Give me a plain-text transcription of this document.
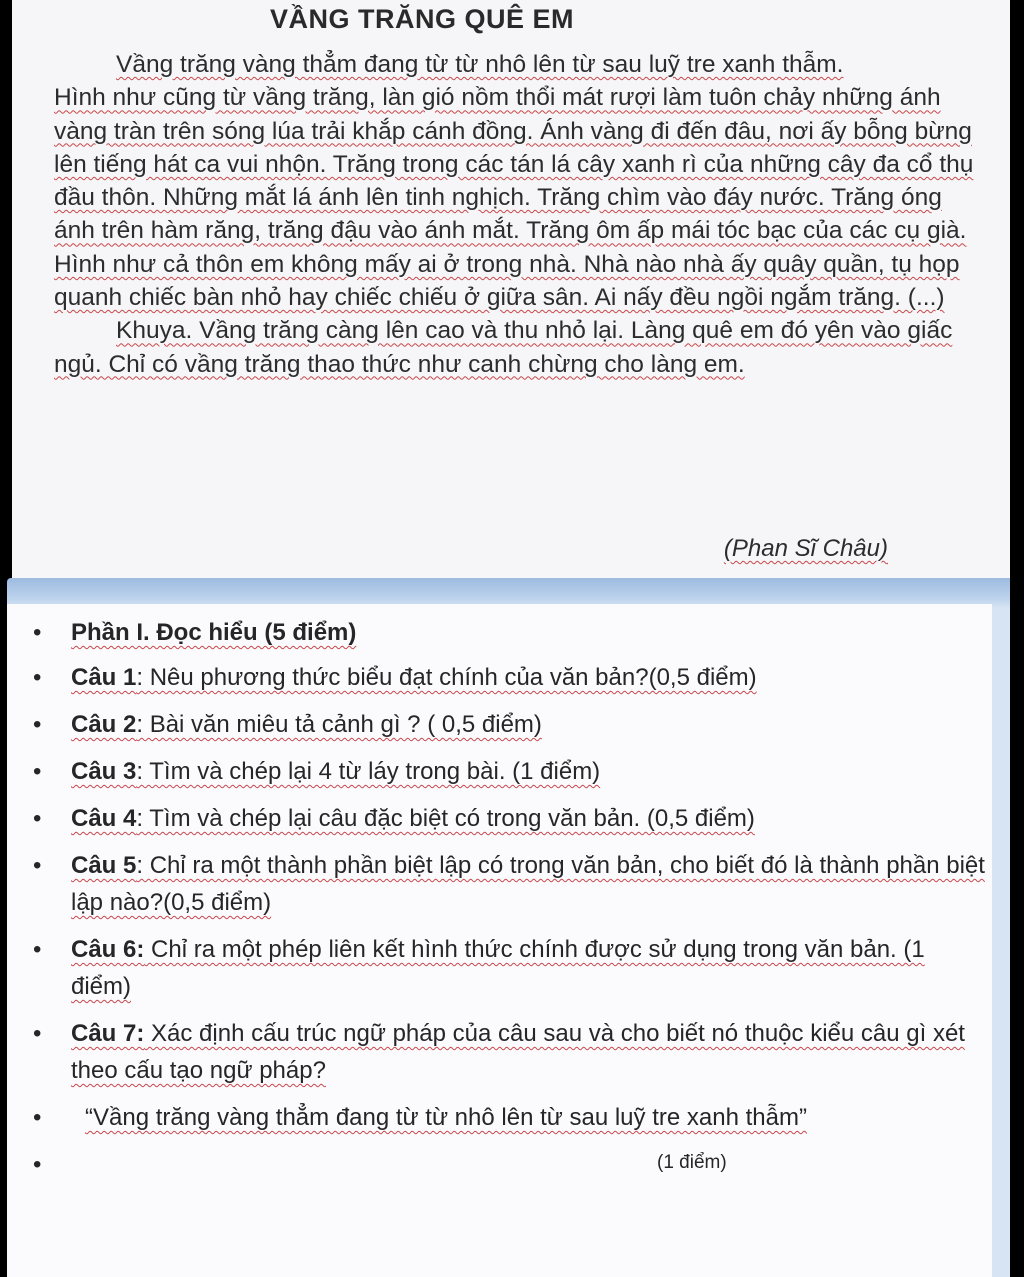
VẦNG TRĂNG QUÊ EM

Vầng trăng vàng thẳm đang từ từ nhô lên từ sau luỹ tre xanh thẫm.

Hình như cũng từ vầng trăng, làn gió nồm thổi mát rượi làm tuôn chảy những ánh vàng tràn trên sóng lúa trải khắp cánh đồng. Ánh vàng đi đến đâu, nơi ấy bỗng bừng lên tiếng hát ca vui nhộn. Trăng trong các tán lá cây xanh rì của những cây đa cổ thụ đầu thôn. Những mắt lá ánh lên tinh nghịch. Trăng chìm vào đáy nước. Trăng óng ánh trên hàm răng, trăng đậu vào ánh mắt. Trăng ôm ấp mái tóc bạc của các cụ già. Hình như cả thôn em không mấy ai ở trong nhà. Nhà nào nhà ấy quây quần, tụ họp quanh chiếc bàn nhỏ hay chiếc chiếu ở giữa sân. Ai nấy đều ngồi ngắm trăng. (...)

Khuya. Vầng trăng càng lên cao và thu nhỏ lại. Làng quê em đó yên vào giấc ngủ. Chỉ có vầng trăng thao thức như canh chừng cho làng em.

(Phan Sĩ Châu)
• Phần I. Đọc hiểu (5 điểm)
• Câu 1: Nêu phương thức biểu đạt chính của văn bản?(0,5 điểm)
• Câu 2: Bài văn miêu tả cảnh gì ? ( 0,5 điểm)
• Câu 3: Tìm và chép lại 4 từ láy trong bài. (1 điểm)
• Câu 4: Tìm và chép lại câu đặc biệt có trong văn bản. (0,5 điểm)
• Câu 5: Chỉ ra một thành phần biệt lập có trong văn bản, cho biết đó là thành phần biệt lập nào?(0,5 điểm)
• Câu 6: Chỉ ra một phép liên kết hình thức chính được sử dụng trong văn bản. (1 điểm)
• Câu 7: Xác định cấu trúc ngữ pháp của câu sau và cho biết nó thuộc kiểu câu gì xét theo cấu tạo ngữ pháp?
• “Vầng trăng vàng thẳm đang từ từ nhô lên từ sau luỹ tre xanh thẫm”
•	(1 điểm)
